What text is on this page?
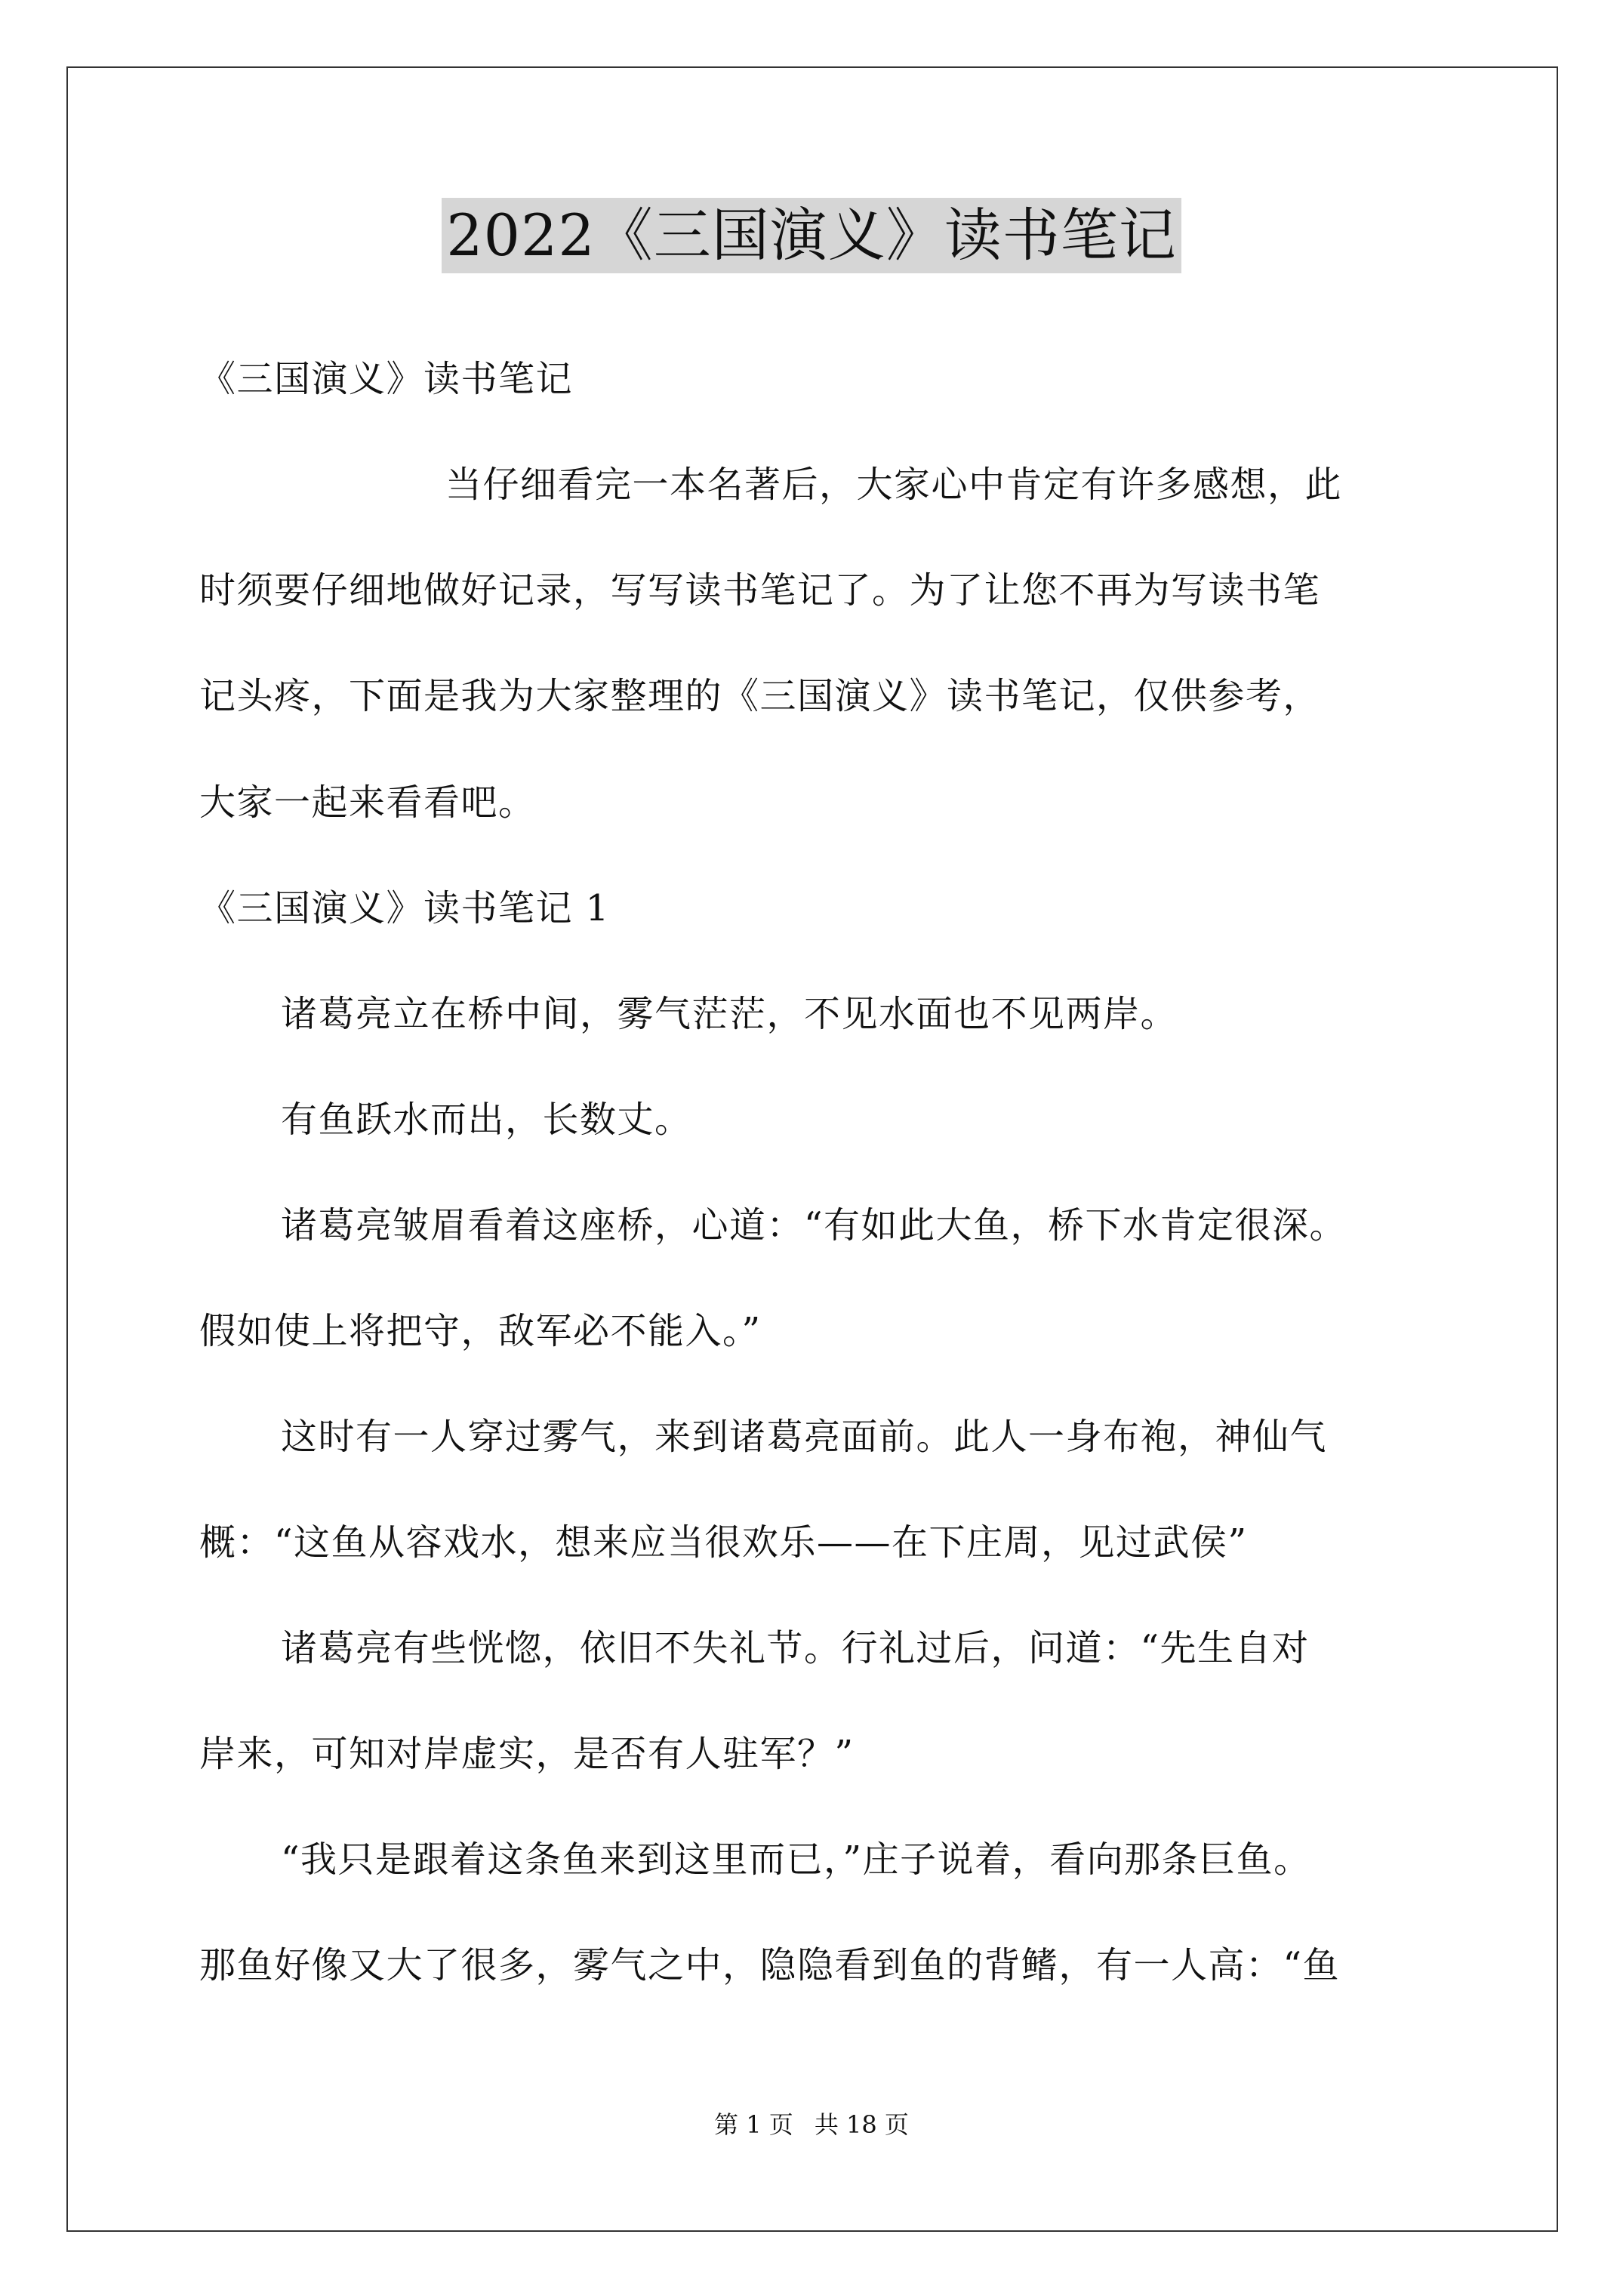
2022《三国演义》读书笔记
《三国演义》读书笔记
当仔细看完一本名著后，大家心中肯定有许多感想，此
时须要仔细地做好记录，写写读书笔记了。为了让您不再为写读书笔
记头疼，下面是我为大家整理的《三国演义》读书笔记，仅供参考，
大家一起来看看吧。
《三国演义》读书笔记 1
诸葛亮立在桥中间，雾气茫茫，不见水面也不见两岸。
有鱼跃水而出，长数丈。
诸葛亮皱眉看着这座桥，心道：“有如此大鱼，桥下水肯定很深。
假如使上将把守，敌军必不能入。”
这时有一人穿过雾气，来到诸葛亮面前。此人一身布袍，神仙气
概：“这鱼从容戏水，想来应当很欢乐——在下庄周，见过武侯”
诸葛亮有些恍惚，依旧不失礼节。行礼过后，问道：“先生自对
岸来，可知对岸虚实，是否有人驻军？”
“我只是跟着这条鱼来到这里而已，”庄子说着，看向那条巨鱼。
那鱼好像又大了很多，雾气之中，隐隐看到鱼的背鳍，有一人高：“鱼
第 1 页 共 18 页
